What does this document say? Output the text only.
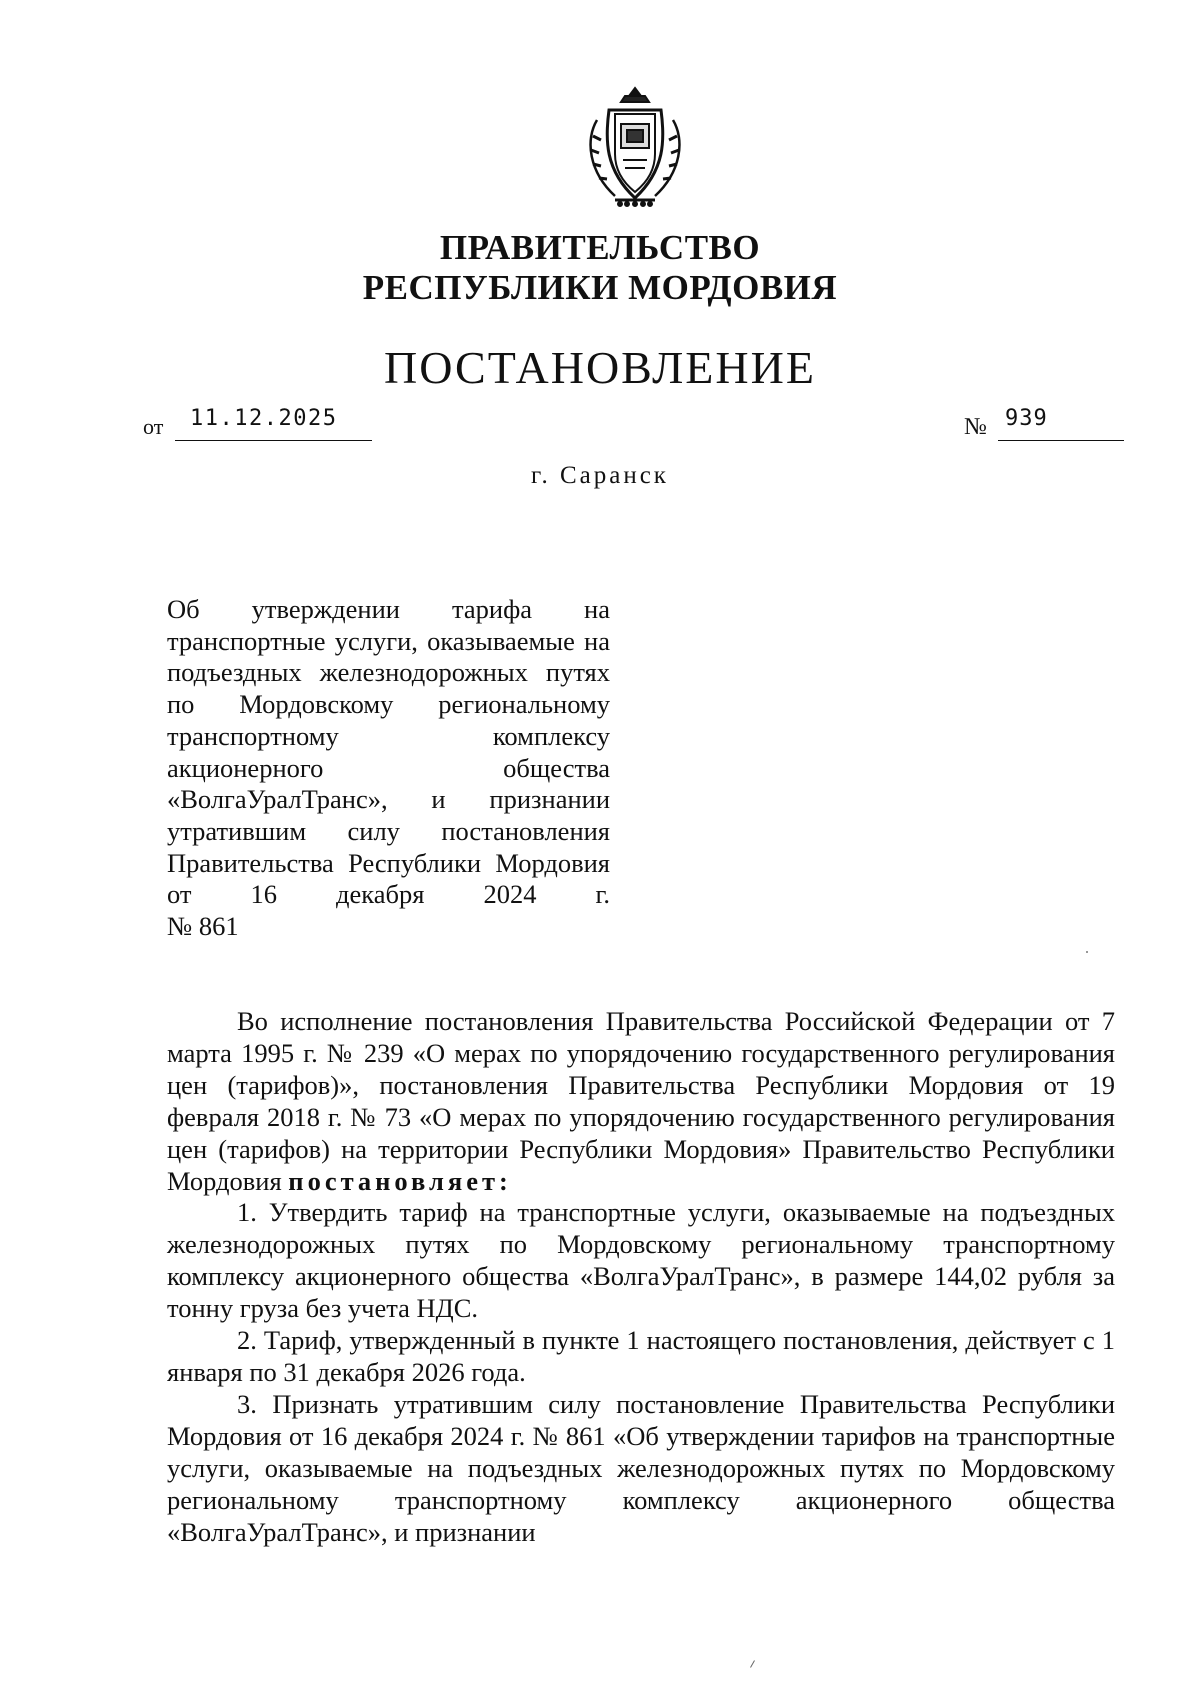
ПРАВИТЕЛЬСТВО
РЕСПУБЛИКИ МОРДОВИЯ
ПОСТАНОВЛЕНИЕ
от 11.12.2025	№ 939
г. Саранск
Об утверждении тарифа на транспортные услуги, оказываемые на подъездных железнодорожных путях по Мордовскому региональному транспортному комплексу акционерного общества «ВолгаУралТранс», и признании утратившим силу постановления Правительства Республики Мордовия от 16 декабря 2024 г.
№ 861

Во исполнение постановления Правительства Российской Федерации от 7 марта 1995 г. № 239 «О мерах по упорядочению государственного регулирования цен (тарифов)», постановления Правительства Республики Мордовия от 19 февраля 2018 г. № 73 «О мерах по упорядочению государственного регулирования цен (тарифов) на территории Республики Мордовия» Правительство Республики Мордовия постановляет:

1. Утвердить тариф на транспортные услуги, оказываемые на подъездных железнодорожных путях по Мордовскому региональному транспортному комплексу акционерного общества «ВолгаУралТранс», в размере 144,02 рубля за тонну груза без учета НДС.

2. Тариф, утвержденный в пункте 1 настоящего постановления, действует с 1 января по 31 декабря 2026 года.

3. Признать утратившим силу постановление Правительства Республики Мордовия от 16 декабря 2024 г. № 861 «Об утверждении тарифов на транспортные услуги, оказываемые на подъездных железнодорожных путях по Мордовскому региональному транспортному комплексу акционерного общества «ВолгаУралТранс», и признании
